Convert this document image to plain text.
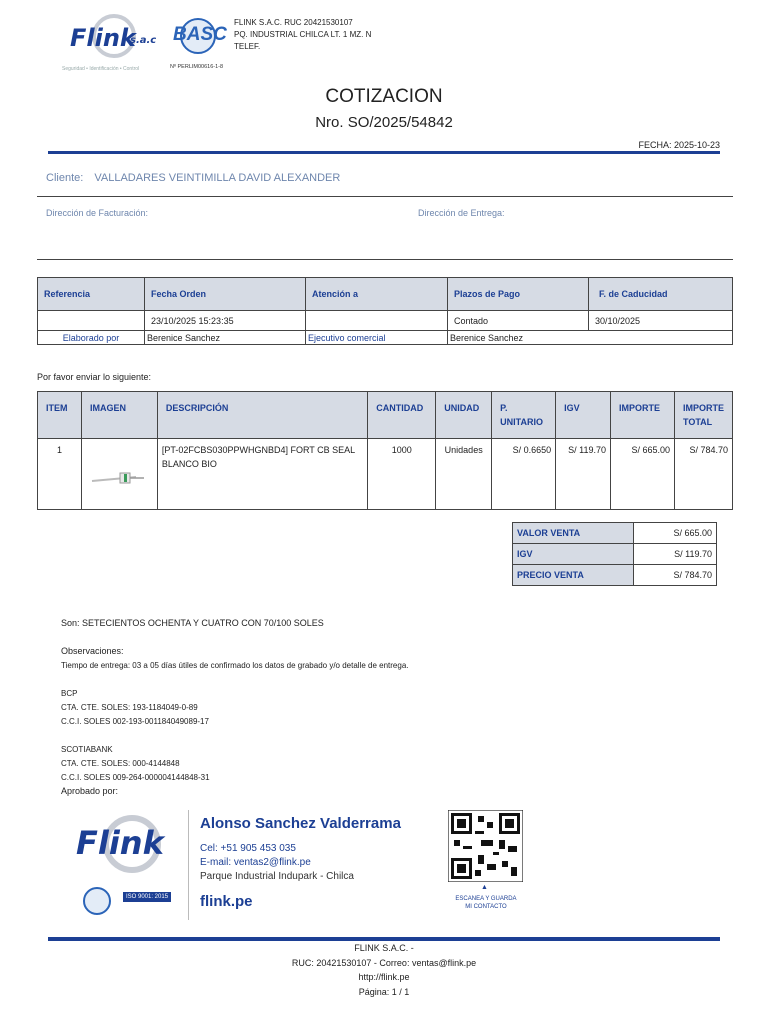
Flink
s.a.c
Seguridad • Identificación • Control
BASC
Nº PERLIM00616-1-8
FLINK S.A.C. RUC 20421530107
PQ. INDUSTRIAL CHILCA LT. 1 MZ. N
TELEF.
COTIZACION
Nro. SO/2025/54842
FECHA: 2025-10-23
Cliente: VALLADARES VEINTIMILLA DAVID ALEXANDER
Dirección de Facturación:	Dirección de Entrega:
Referencia	Fecha Orden	Atención a	Plazos de Pago	F. de Caducidad
	23/10/2025 15:23:35		Contado	30/10/2025
Elaborado por	Berenice Sanchez	Ejecutivo comercial	Berenice Sanchez	
Por favor enviar lo siguiente:
ITEM	IMAGEN	DESCRIPCIÓN	CANTIDAD	UNIDAD	P. UNITARIO	IGV	IMPORTE	IMPORTE TOTAL
1		[PT-02FCBS030PPWHGNBD4] FORT CB SEAL BLANCO BIO	1000	Unidades	S/ 0.6650	S/ 119.70	S/ 665.00	S/ 784.70
VALOR VENTA	S/ 665.00
IGV	S/ 119.70
PRECIO VENTA	S/ 784.70
Son: SETECIENTOS OCHENTA Y CUATRO CON 70/100 SOLES
Observaciones:
Tiempo de entrega: 03 a 05 días útiles de confirmado los datos de grabado y/o detalle de entrega.
BCP
CTA. CTE. SOLES: 193-1184049-0-89
C.C.I. SOLES 002-193-001184049089-17
SCOTIABANK
CTA. CTE. SOLES: 000-4144848
C.C.I. SOLES 009-264-000004144848-31
Aprobado por:
Flink
ISO 9001: 2015
Alonso Sanchez Valderrama
Cel: +51 905 453 035
E-mail: ventas2@flink.pe
Parque Industrial Indupark - Chilca
flink.pe
▲
ESCANEA Y GUARDA
MI CONTACTO
FLINK S.A.C. -
RUC: 20421530107 - Correo: ventas@flink.pe
http://flink.pe
Página: 1 / 1
